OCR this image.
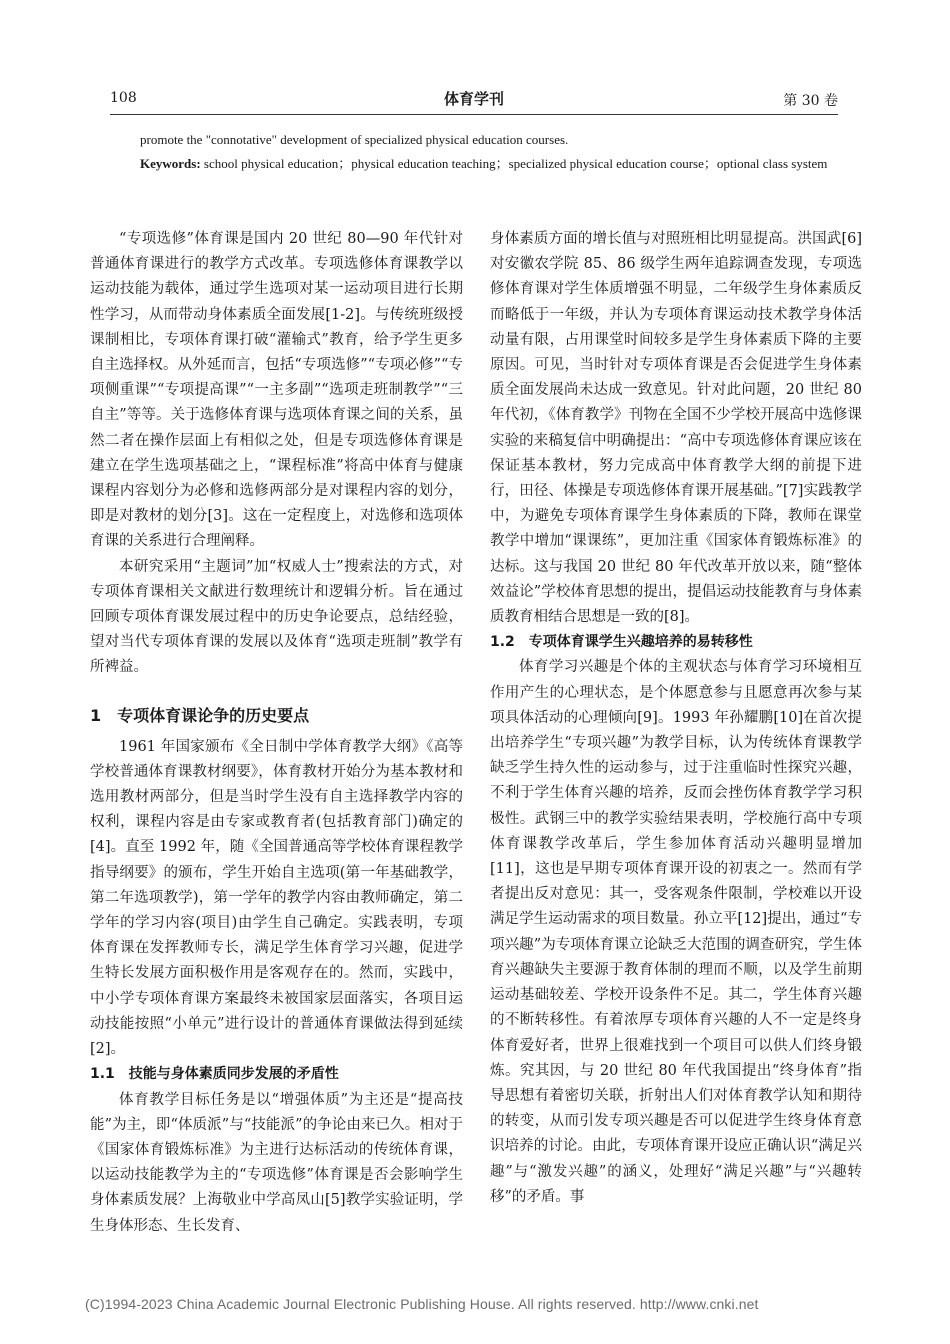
108	体育学刊	第 30 卷
promote the "connotative" development of specialized physical education courses.
Keywords: school physical education；physical education teaching；specialized physical education course；optional class system

“专项选修”体育课是国内 20 世纪 80—90 年代针对普通体育课进行的教学方式改革。专项选修体育课教学以运动技能为载体，通过学生选项对某一运动项目进行长期性学习，从而带动身体素质全面发展[1-2]。与传统班级授课制相比，专项体育课打破“灌输式”教育，给予学生更多自主选择权。从外延而言，包括“专项选修”“专项必修”“专项侧重课”“专项提高课”“一主多副”“选项走班制教学”“三自主”等等。关于选修体育课与选项体育课之间的关系，虽然二者在操作层面上有相似之处，但是专项选修体育课是建立在学生选项基础之上，“课程标准”将高中体育与健康课程内容划分为必修和选修两部分是对课程内容的划分，即是对教材的划分[3]。这在一定程度上，对选修和选项体育课的关系进行合理阐释。

本研究采用“主题词”加“权威人士”搜索法的方式，对专项体育课相关文献进行数理统计和逻辑分析。旨在通过回顾专项体育课发展过程中的历史争论要点，总结经验，望对当代专项体育课的发展以及体育“选项走班制”教学有所裨益。

1　专项体育课论争的历史要点

1961 年国家颁布《全日制中学体育教学大纲》《高等学校普通体育课教材纲要》，体育教材开始分为基本教材和选用教材两部分，但是当时学生没有自主选择教学内容的权利，课程内容是由专家或教育者(包括教育部门)确定的[4]。直至 1992 年，随《全国普通高等学校体育课程教学指导纲要》的颁布，学生开始自主选项(第一年基础教学，第二年选项教学)，第一学年的教学内容由教师确定，第二学年的学习内容(项目)由学生自己确定。实践表明，专项体育课在发挥教师专长，满足学生体育学习兴趣，促进学生特长发展方面积极作用是客观存在的。然而，实践中，中小学专项体育课方案最终未被国家层面落实，各项目运动技能按照“小单元”进行设计的普通体育课做法得到延续[2]。

1.1　技能与身体素质同步发展的矛盾性

体育教学目标任务是以“增强体质”为主还是“提高技能”为主，即“体质派”与“技能派”的争论由来已久。相对于《国家体育锻炼标准》为主进行达标活动的传统体育课，以运动技能教学为主的“专项选修”体育课是否会影响学生身体素质发展？上海敬业中学高凤山[5]教学实验证明，学生身体形态、生长发育、

身体素质方面的增长值与对照班相比明显提高。洪国武[6]对安徽农学院 85、86 级学生两年追踪调查发现，专项选修体育课对学生体质增强不明显，二年级学生身体素质反而略低于一年级，并认为专项体育课运动技术教学身体活动量有限，占用课堂时间较多是学生身体素质下降的主要原因。可见，当时针对专项体育课是否会促进学生身体素质全面发展尚未达成一致意见。针对此问题，20 世纪 80 年代初，《体育教学》刊物在全国不少学校开展高中选修课实验的来稿复信中明确提出：“高中专项选修体育课应该在保证基本教材，努力完成高中体育教学大纲的前提下进行，田径、体操是专项选修体育课开展基础。”[7]实践教学中，为避免专项体育课学生身体素质的下降，教师在课堂教学中增加“课课练”，更加注重《国家体育锻炼标准》的达标。这与我国 20 世纪 80 年代改革开放以来，随“整体效益论”学校体育思想的提出，提倡运动技能教育与身体素质教育相结合思想是一致的[8]。

1.2　专项体育课学生兴趣培养的易转移性

体育学习兴趣是个体的主观状态与体育学习环境相互作用产生的心理状态，是个体愿意参与且愿意再次参与某项具体活动的心理倾向[9]。1993 年孙耀鹏[10]在首次提出培养学生“专项兴趣”为教学目标，认为传统体育课教学缺乏学生持久性的运动参与，过于注重临时性探究兴趣，不利于学生体育兴趣的培养，反而会挫伤体育教学学习积极性。武钢三中的教学实验结果表明，学校施行高中专项体育课教学改革后，学生参加体育活动兴趣明显增加[11]，这也是早期专项体育课开设的初衷之一。然而有学者提出反对意见：其一，受客观条件限制，学校难以开设满足学生运动需求的项目数量。孙立平[12]提出，通过“专项兴趣”为专项体育课立论缺乏大范围的调查研究，学生体育兴趣缺失主要源于教育体制的理而不顺，以及学生前期运动基础较差、学校开设条件不足。其二，学生体育兴趣的不断转移性。有着浓厚专项体育兴趣的人不一定是终身体育爱好者，世界上很难找到一个项目可以供人们终身锻炼。究其因，与 20 世纪 80 年代我国提出“终身体育”指导思想有着密切关联，折射出人们对体育教学认知和期待的转变，从而引发专项兴趣是否可以促进学生终身体育意识培养的讨论。由此，专项体育课开设应正确认识“满足兴趣”与“激发兴趣”的涵义，处理好“满足兴趣”与“兴趣转移”的矛盾。事

(C)1994-2023 China Academic Journal Electronic Publishing House. All rights reserved. http://www.cnki.net
